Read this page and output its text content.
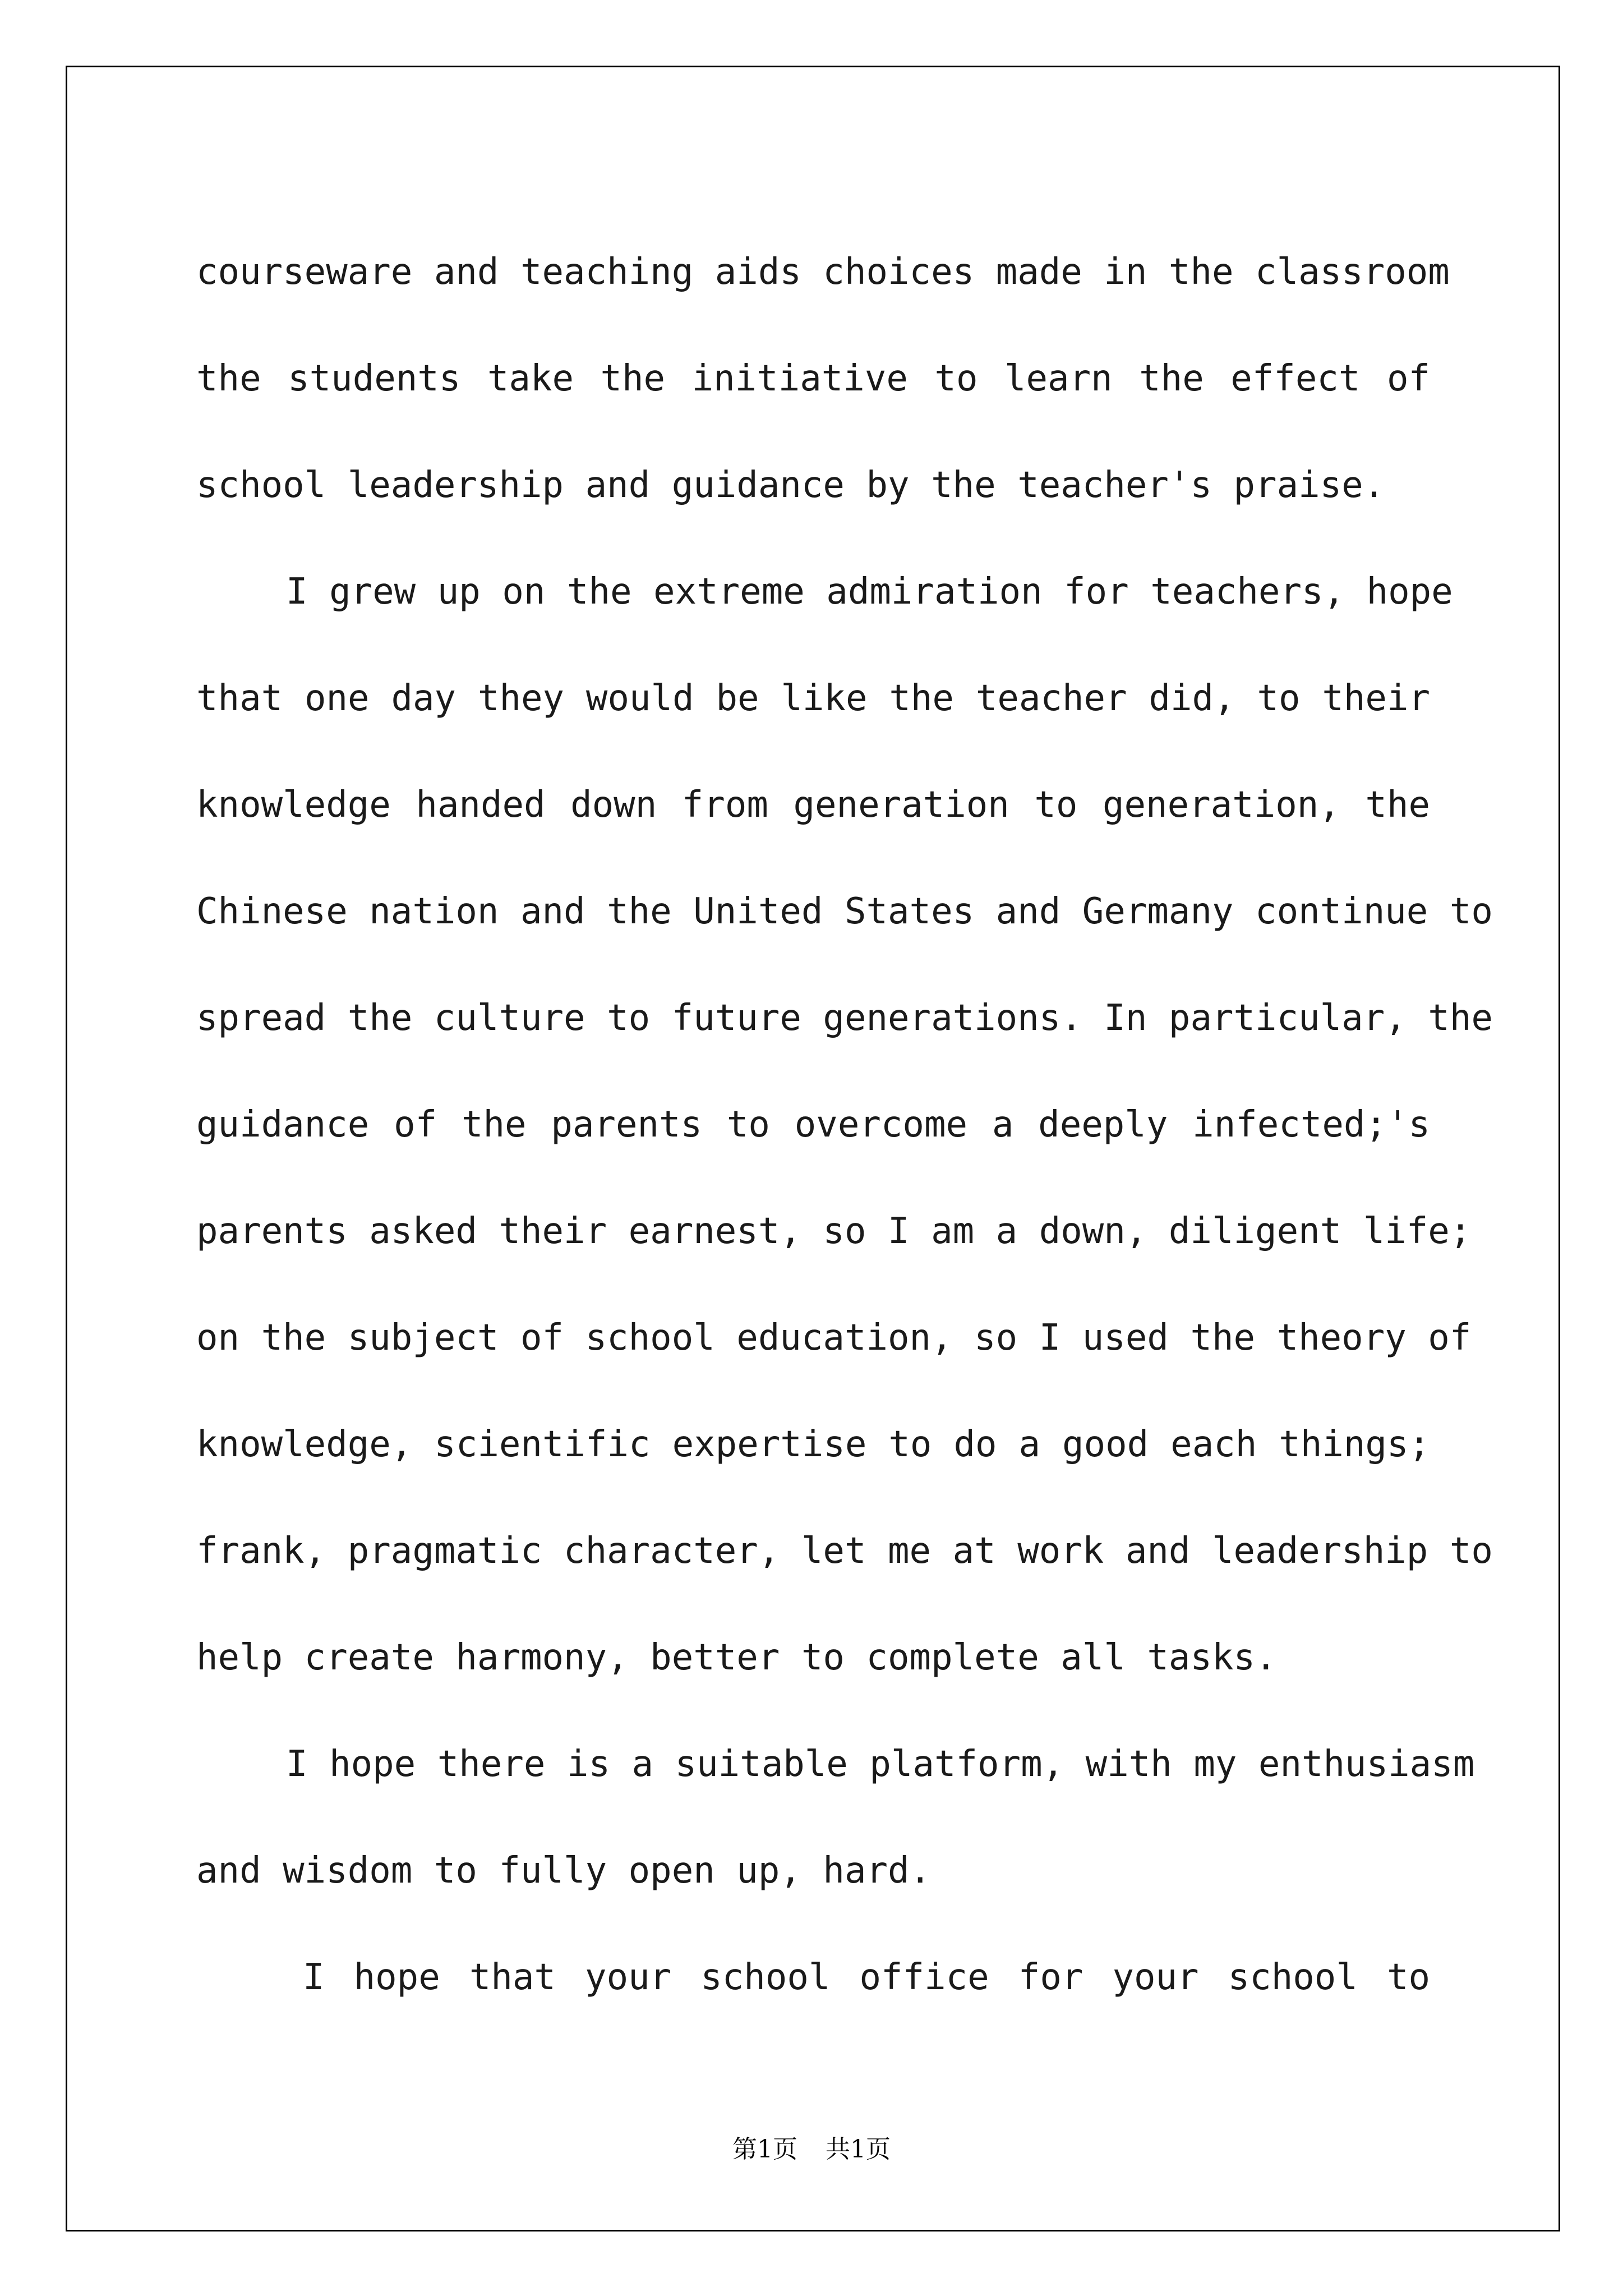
courseware and teaching aids choices made in the classroom
the students take the initiative to learn the effect of
school leadership and guidance by the teacher's praise.
I grew up on the extreme admiration for teachers, hope
that one day they would be like the teacher did, to their
knowledge handed down from generation to generation, the
Chinese nation and the United States and Germany continue to
spread the culture to future generations. In particular, the
guidance of the parents to overcome a deeply infected;'s
parents asked their earnest, so I am a down, diligent life;
on the subject of school education, so I used the theory of
knowledge, scientific expertise to do a good each things;
frank, pragmatic character, let me at work and leadership to
help create harmony, better to complete all tasks.
I hope there is a suitable platform, with my enthusiasm
and wisdom to fully open up, hard.
I hope that your school office for your school to
第1页 共1页
